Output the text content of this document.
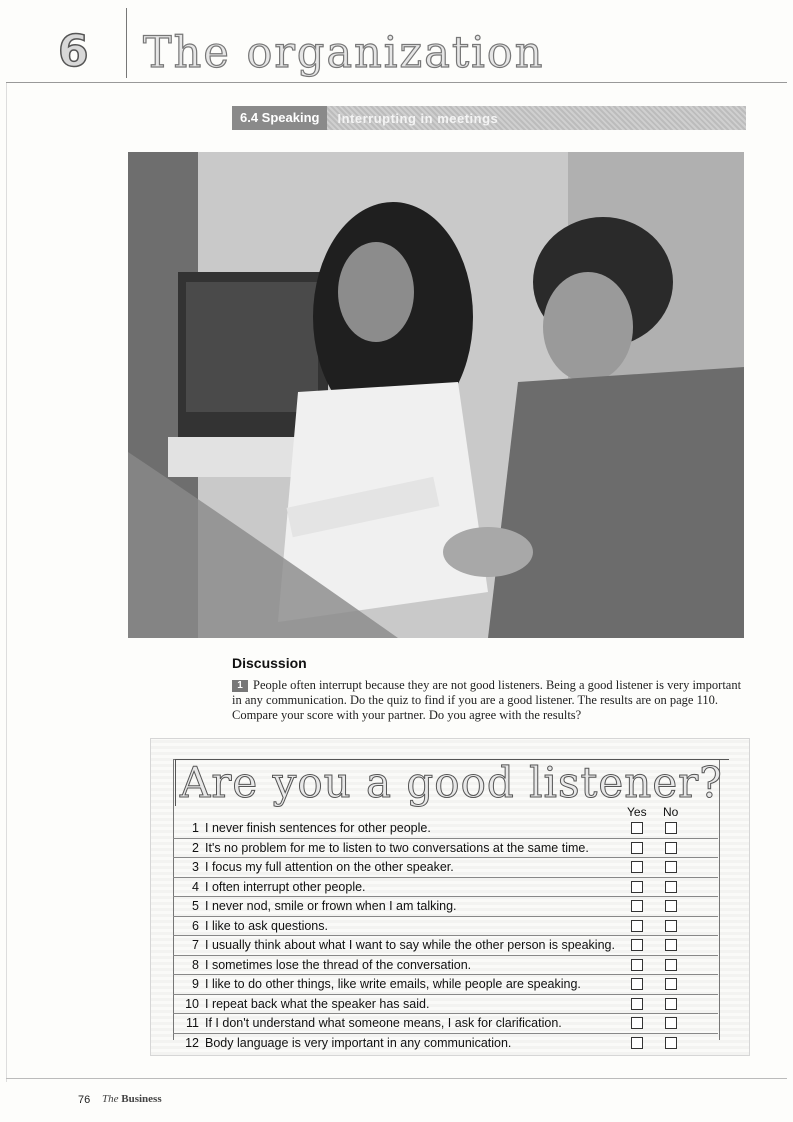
6 The organization
6.4 Speaking	Interrupting in meetings
Discussion
1 People often interrupt because they are not good listeners. Being a good listener is very important in any communication. Do the quiz to find if you are a good listener. The results are on page 110. Compare your score with your partner. Do you agree with the results?
Are you a good listener?
Yes No
1 I never finish sentences for other people.
2 It's no problem for me to listen to two conversations at the same time.
3 I focus my full attention on the other speaker.
4 I often interrupt other people.
5 I never nod, smile or frown when I am talking.
6 I like to ask questions.
7 I usually think about what I want to say while the other person is speaking.
8 I sometimes lose the thread of the conversation.
9 I like to do other things, like write emails, while people are speaking.
10 I repeat back what the speaker has said.
11 If I don't understand what someone means, I ask for clarification.
12 Body language is very important in any communication.
76 The Business
